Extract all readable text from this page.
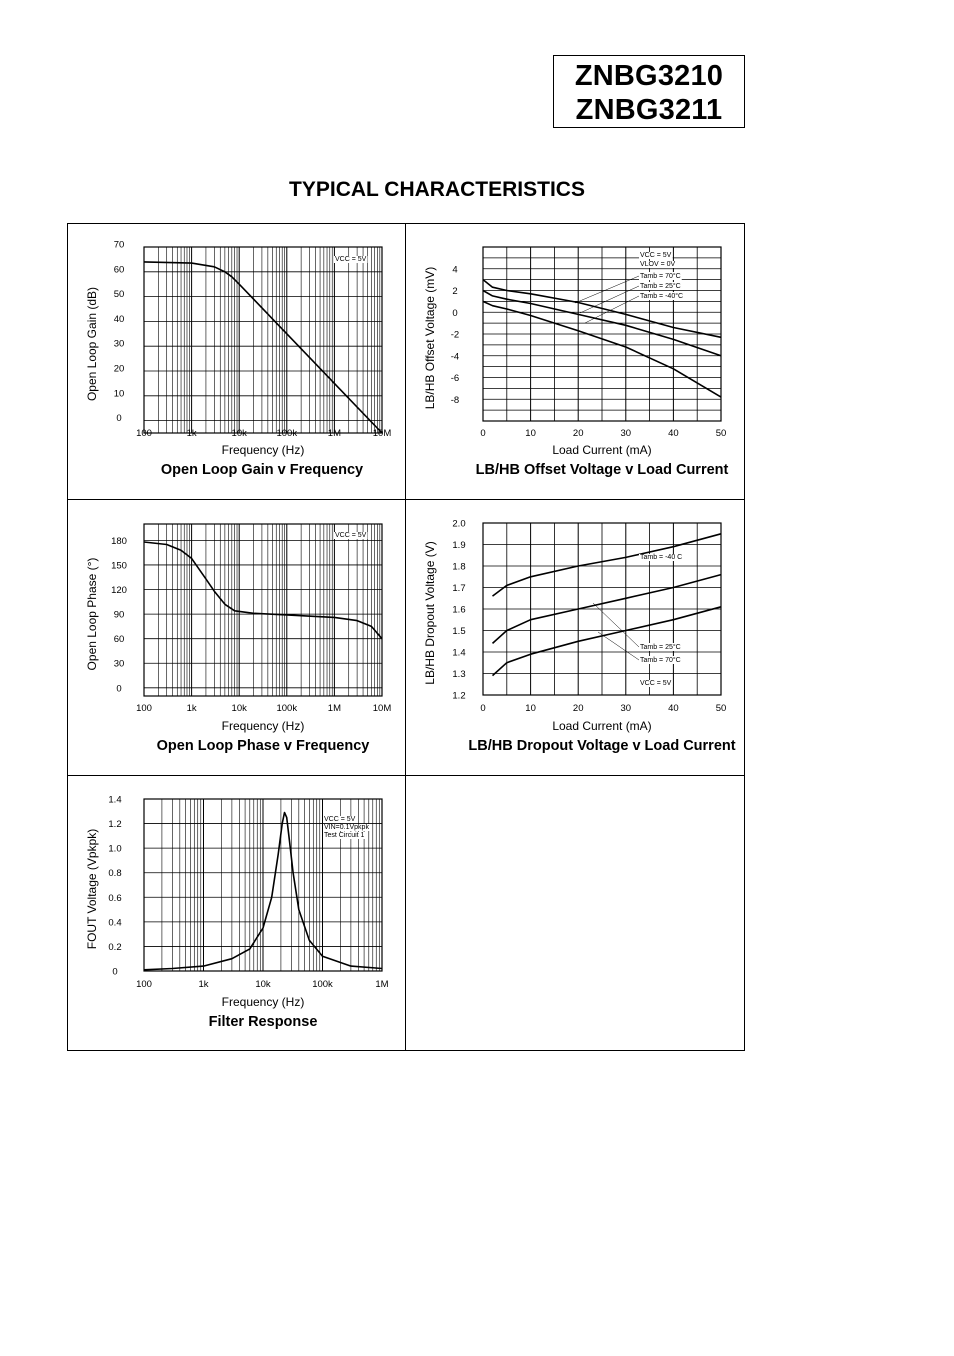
ZNBG3210
ZNBG3211
TYPICAL CHARACTERISTICS
100	1k	10k	100k	1M	10M
0
10
20
30
40
50
60
70
Frequency (Hz)
Open Loop Gain v Frequency
Open Loop Gain (dB)
VCC = 5V
0	10	20	30	40	50
-8
-6
-4
-2
0
2
4
Load Current (mA)
LB/HB Offset Voltage v Load Current
LB/HB Offset Voltage (mV)
VCC = 5V
VLOV = 0V
Tamb = 70°C
Tamb = 25°C
Tamb = -40°C
100	1k	10k	100k	1M	10M
0
30
60
90
120
150
180
Frequency (Hz)
Open Loop Phase v Frequency
Open Loop Phase (°)
VCC = 5V
0	10	20	30	40	50
1.2
1.3
1.4
1.5
1.6
1.7
1.8
1.9
2.0
Load Current (mA)
LB/HB Dropout Voltage v Load Current
LB/HB Dropout Voltage (V)	Tamb = -40 C
Tamb = 25°C
Tamb = 70°C
VCC = 5V
100	1k	10k	100k	1M
0
0.2
0.4
0.6
0.8
1.0
1.2
1.4
Frequency (Hz)
Filter Response
FOUT Voltage (Vpkpk)
VCC = 5V
VIN=0.1Vpkpk
Test Circuit 1
